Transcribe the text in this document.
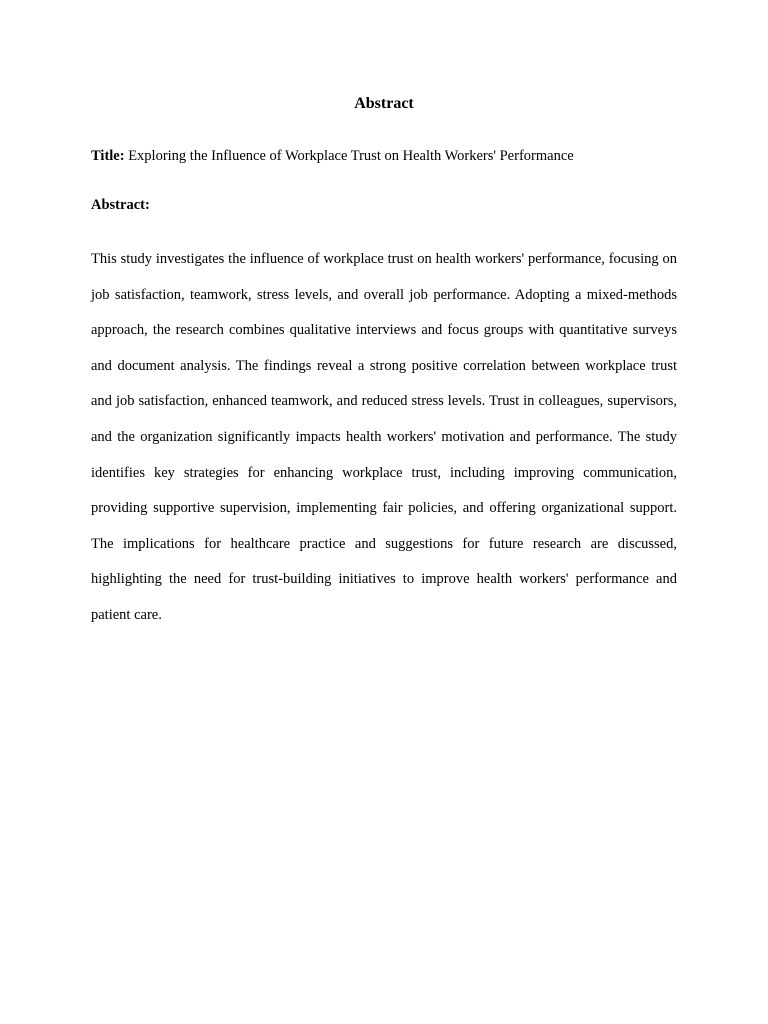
Abstract

Title: Exploring the Influence of Workplace Trust on Health Workers' Performance

Abstract:

This study investigates the influence of workplace trust on health workers' performance, focusing on job satisfaction, teamwork, stress levels, and overall job performance. Adopting a mixed-methods approach, the research combines qualitative interviews and focus groups with quantitative surveys and document analysis. The findings reveal a strong positive correlation between workplace trust and job satisfaction, enhanced teamwork, and reduced stress levels. Trust in colleagues, supervisors, and the organization significantly impacts health workers' motivation and performance. The study identifies key strategies for enhancing workplace trust, including improving communication, providing supportive supervision, implementing fair policies, and offering organizational support. The implications for healthcare practice and suggestions for future research are discussed, highlighting the need for trust-building initiatives to improve health workers' performance and patient care.
